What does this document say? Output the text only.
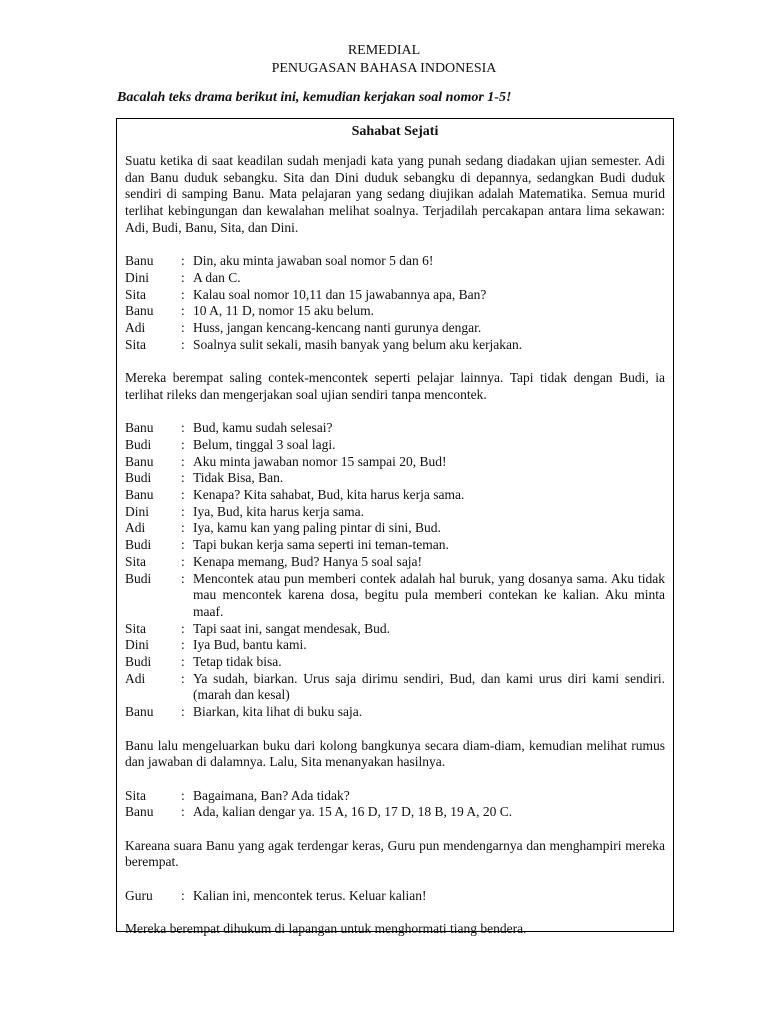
REMEDIAL
PENUGASAN BAHASA INDONESIA
Bacalah teks drama berikut ini, kemudian kerjakan soal nomor 1-5!
Sahabat Sejati

Suatu ketika di saat keadilan sudah menjadi kata yang punah sedang diadakan ujian semester. Adi dan Banu duduk sebangku. Sita dan Dini duduk sebangku di depannya, sedangkan Budi duduk sendiri di samping Banu. Mata pelajaran yang sedang diujikan adalah Matematika. Semua murid terlihat kebingungan dan kewalahan melihat soalnya. Terjadilah percakapan antara lima sekawan: Adi, Budi, Banu, Sita, dan Dini.

Banu : Din, aku minta jawaban soal nomor 5 dan 6!
Dini : A dan C.
Sita	: Kalau soal nomor 10,11 dan 15 jawabannya apa, Ban?
Banu : 10 A, 11 D, nomor 15 aku belum.
Adi	: Huss, jangan kencang-kencang nanti gurunya dengar.
Sita	: Soalnya sulit sekali, masih banyak yang belum aku kerjakan.

Mereka berempat saling contek-mencontek seperti pelajar lainnya. Tapi tidak dengan Budi, ia terlihat rileks dan mengerjakan soal ujian sendiri tanpa mencontek.

Banu : Bud, kamu sudah selesai?
Budi : Belum, tinggal 3 soal lagi.
Banu : Aku minta jawaban nomor 15 sampai 20, Bud!
Budi : Tidak Bisa, Ban.
Banu : Kenapa? Kita sahabat, Bud, kita harus kerja sama.
Dini : Iya, Bud, kita harus kerja sama.
Adi	: Iya, kamu kan yang paling pintar di sini, Bud.
Budi : Tapi bukan kerja sama seperti ini teman-teman.
Sita	: Kenapa memang, Bud? Hanya 5 soal saja!
Budi : Mencontek atau pun memberi contek adalah hal buruk, yang dosanya sama. Aku tidak mau mencontek karena dosa, begitu pula memberi contekan ke kalian. Aku minta maaf.
Sita	: Tapi saat ini, sangat mendesak, Bud.
Dini : Iya Bud, bantu kami.
Budi : Tetap tidak bisa.
Adi	: Ya sudah, biarkan. Urus saja dirimu sendiri, Bud, dan kami urus diri kami sendiri. (marah dan kesal)
Banu : Biarkan, kita lihat di buku saja.

Banu lalu mengeluarkan buku dari kolong bangkunya secara diam-diam, kemudian melihat rumus dan jawaban di dalamnya. Lalu, Sita menanyakan hasilnya.

Sita	: Bagaimana, Ban? Ada tidak?
Banu : Ada, kalian dengar ya. 15 A, 16 D, 17 D, 18 B, 19 A, 20 C.

Kareana suara Banu yang agak terdengar keras, Guru pun mendengarnya dan menghampiri mereka berempat.

Guru : Kalian ini, mencontek terus. Keluar kalian!

Mereka berempat dihukum di lapangan untuk menghormati tiang bendera.
